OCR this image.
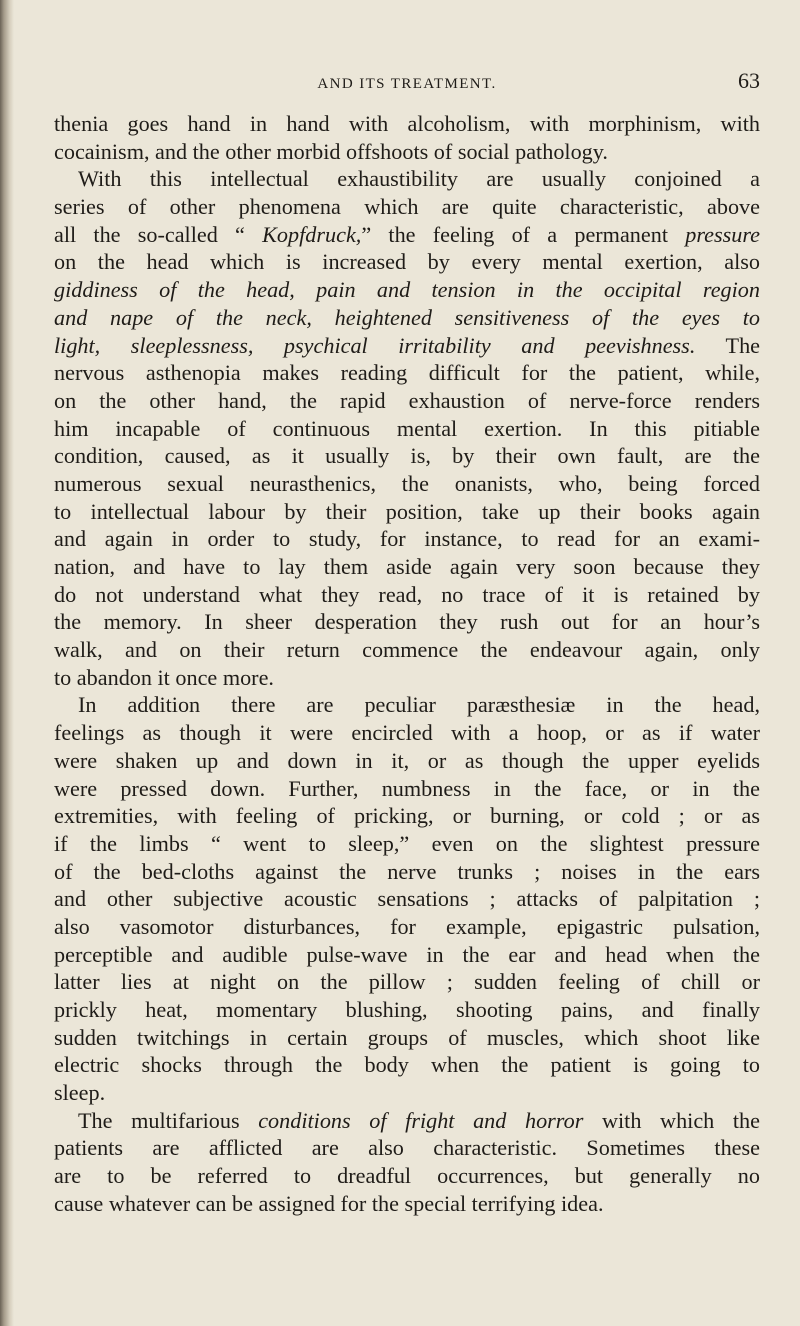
AND ITS TREATMENT.	63
thenia goes hand in hand with alcoholism, with morphinism, with
cocainism, and the other morbid offshoots of social pathology.
With this intellectual exhaustibility are usually conjoined a
series of other phenomena which are quite characteristic, above
all the so-called “ Kopfdruck,” the feeling of a permanent pressure
on the head which is increased by every mental exertion, also
giddiness of the head, pain and tension in the occipital region
and nape of the neck, heightened sensitiveness of the eyes to
light, sleeplessness, psychical irritability and peevishness. The
nervous asthenopia makes reading difficult for the patient, while,
on the other hand, the rapid exhaustion of nerve-force renders
him incapable of continuous mental exertion. In this pitiable
condition, caused, as it usually is, by their own fault, are the
numerous sexual neurasthenics, the onanists, who, being forced
to intellectual labour by their position, take up their books again
and again in order to study, for instance, to read for an exami-
nation, and have to lay them aside again very soon because they
do not understand what they read, no trace of it is retained by
the memory. In sheer desperation they rush out for an hour’s
walk, and on their return commence the endeavour again, only
to abandon it once more.
In addition there are peculiar paræsthesiæ in the head,
feelings as though it were encircled with a hoop, or as if water
were shaken up and down in it, or as though the upper eyelids
were pressed down. Further, numbness in the face, or in the
extremities, with feeling of pricking, or burning, or cold ; or as
if the limbs “ went to sleep,” even on the slightest pressure
of the bed-cloths against the nerve trunks ; noises in the ears
and other subjective acoustic sensations ; attacks of palpitation ;
also vasomotor disturbances, for example, epigastric pulsation,
perceptible and audible pulse-wave in the ear and head when the
latter lies at night on the pillow ; sudden feeling of chill or
prickly heat, momentary blushing, shooting pains, and finally
sudden twitchings in certain groups of muscles, which shoot like
electric shocks through the body when the patient is going to
sleep.
The multifarious conditions of fright and horror with which the
patients are afflicted are also characteristic. Sometimes these
are to be referred to dreadful occurrences, but generally no
cause whatever can be assigned for the special terrifying idea.
